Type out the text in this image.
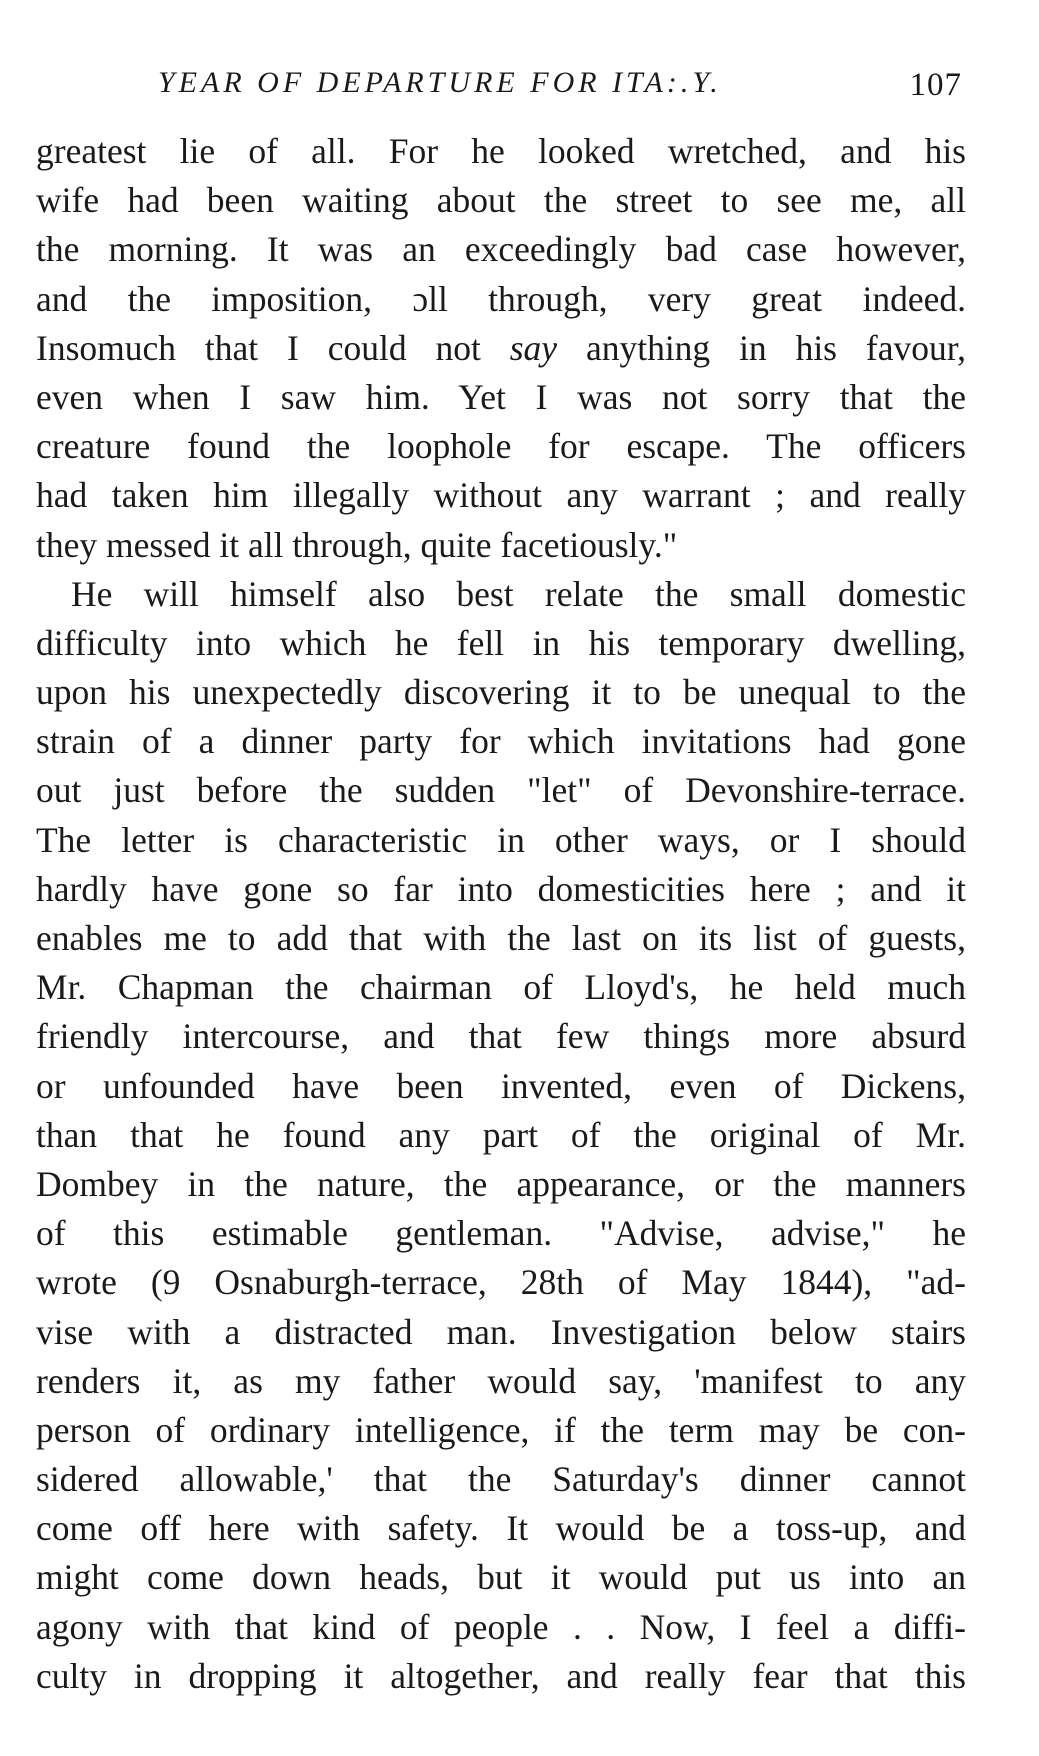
YEAR OF DEPARTURE FOR ITA:.Y.	107
greatest lie of all. For he looked wretched, and his
wife had been waiting about the street to see me, all
the morning. It was an exceedingly bad case however,
and the imposition, ɔll through, very great indeed.
Insomuch that I could not say anything in his favour,
even when I saw him. Yet I was not sorry that the
creature found the loophole for escape. The officers
had taken him illegally without any warrant ; and really
they messed it all through, quite facetiously."
He will himself also best relate the small domestic
difficulty into which he fell in his temporary dwelling,
upon his unexpectedly discovering it to be unequal to the
strain of a dinner party for which invitations had gone
out just before the sudden "let" of Devonshire-terrace.
The letter is characteristic in other ways, or I should
hardly have gone so far into domesticities here ; and it
enables me to add that with the last on its list of guests,
Mr. Chapman the chairman of Lloyd's, he held much
friendly intercourse, and that few things more absurd
or unfounded have been invented, even of Dickens,
than that he found any part of the original of Mr.
Dombey in the nature, the appearance, or the manners
of this estimable gentleman. "Advise, advise," he
wrote (9 Osnaburgh-terrace, 28th of May 1844), "ad-
vise with a distracted man. Investigation below stairs
renders it, as my father would say, 'manifest to any
person of ordinary intelligence, if the term may be con-
sidered allowable,' that the Saturday's dinner cannot
come off here with safety. It would be a toss-up, and
might come down heads, but it would put us into an
agony with that kind of people . . Now, I feel a diffi-
culty in dropping it altogether, and really fear that this
